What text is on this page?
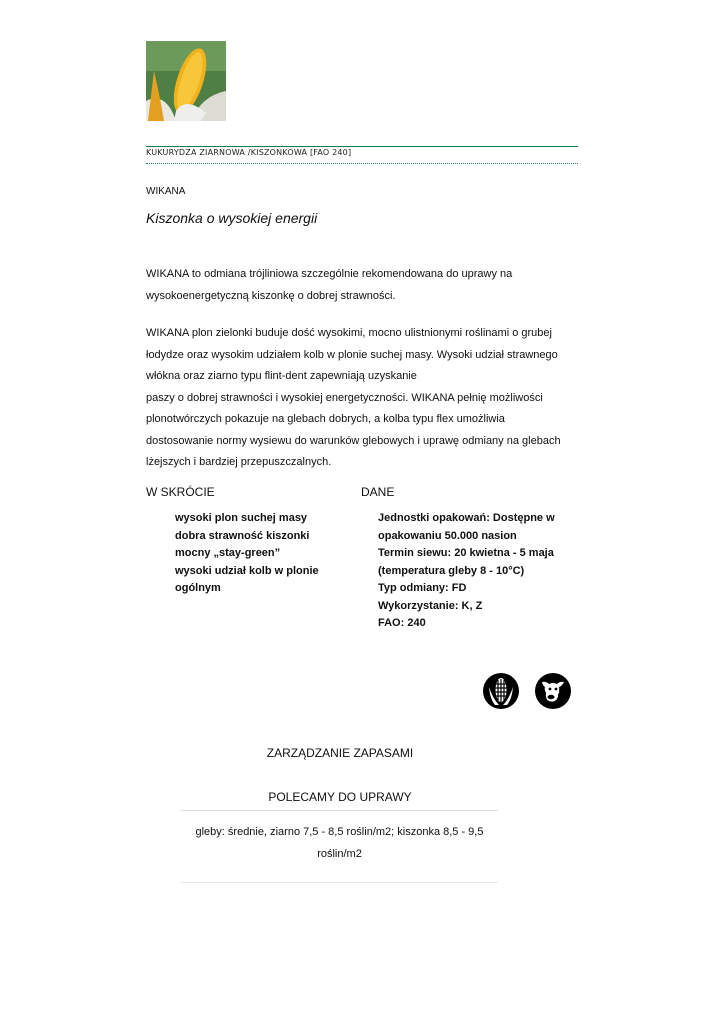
KUKURYDZA ZIARNOWA /KISZONKOWA [FAO 240]
WIKANA
Kiszonka o wysokiej energii
WIKANA to odmiana trójliniowa szczególnie rekomendowana do uprawy na
wysokoenergetyczną kiszonkę o dobrej strawności.
WIKANA plon zielonki buduje dość wysokimi, mocno ulistnionymi roślinami o grubej
łodydze oraz wysokim udziałem kolb w plonie suchej masy. Wysoki udział strawnego
włókna oraz ziarno typu flint-dent zapewniają uzyskanie
paszy o dobrej strawności i wysokiej energetyczności. WIKANA pełnię możliwości
plonotwórczych pokazuje na glebach dobrych, a kolba typu flex umożliwia
dostosowanie normy wysiewu do warunków glebowych i uprawę odmiany na glebach
lżejszych i bardziej przepuszczalnych.
W SKRÓCIE	DANE
wysoki plon suchej masy
dobra strawność kiszonki
mocny „stay-green”
wysoki udział kolb w plonie
ogólnym
Jednostki opakowań: Dostępne w
opakowaniu 50.000 nasion
Termin siewu: 20 kwietna - 5 maja
(temperatura gleby 8 - 10°C)
Typ odmiany: FD
Wykorzystanie: K, Z
FAO: 240
ZARZĄDZANIE ZAPASAMI
POLECAMY DO UPRAWY
gleby: średnie, ziarno 7,5 - 8,5 roślin/m2; kiszonka 8,5 - 9,5
roślin/m2
